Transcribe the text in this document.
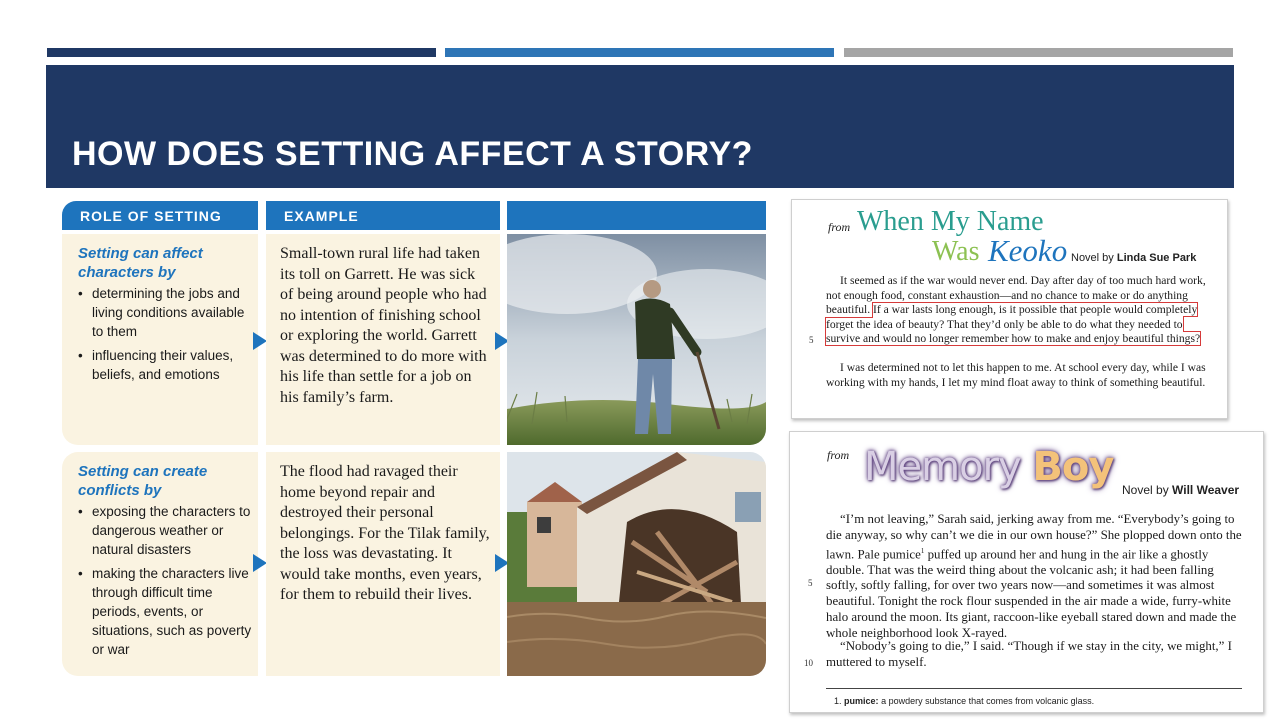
HOW DOES SETTING AFFECT A STORY?
ROLE OF SETTING	EXAMPLE
Setting can affect characters by
• determining the jobs and living conditions available to them
• influencing their values, beliefs, and emotions
Small-town rural life had taken its toll on Garrett. He was sick of being around people who had no intention of finishing school or exploring the world. Garrett was determined to do more with his life than settle for a job on his family’s farm.
Setting can create conflicts by
• exposing the characters to dangerous weather or natural disasters
• making the characters live through difficult time periods, events, or situations, such as poverty or war
The flood had ravaged their home beyond repair and destroyed their personal belongings. For the Tilak family, the loss was devastating. It would take months, even years, for them to rebuild their lives.
from When My Name
Was Keoko Novel by Linda Sue Park
It seemed as if the war would never end. Day after day of too much hard work, not enough food, constant exhaustion—and no chance to make or do anything beautiful. If a war lasts long enough, is it possible that people would completely forget the idea of beauty? That they’d only be able to do what they needed to survive and would no longer remember how to make and enjoy beautiful things?
I was determined not to let this happen to me. At school every day, while I was working with my hands, I let my mind float away to think of something beautiful.
5
from Memory Boy Novel by Will Weaver
“I’m not leaving,” Sarah said, jerking away from me. “Everybody’s going to die anyway, so why can’t we die in our own house?” She plopped down onto the lawn. Pale pumice$^1$ puffed up around her and hung in the air like a ghostly double. That was the weird thing about the volcanic ash; it had been falling softly, softly falling, for over two years now—and sometimes it was almost beautiful. Tonight the rock flour suspended in the air made a wide, furry-white halo around the moon. Its giant, raccoon-like eyeball stared down and made the whole neighborhood look X-rayed.
“Nobody’s going to die,” I said. “Though if we stay in the city, we might,” I muttered to myself.
5
10
1. pumice: a powdery substance that comes from volcanic glass.
